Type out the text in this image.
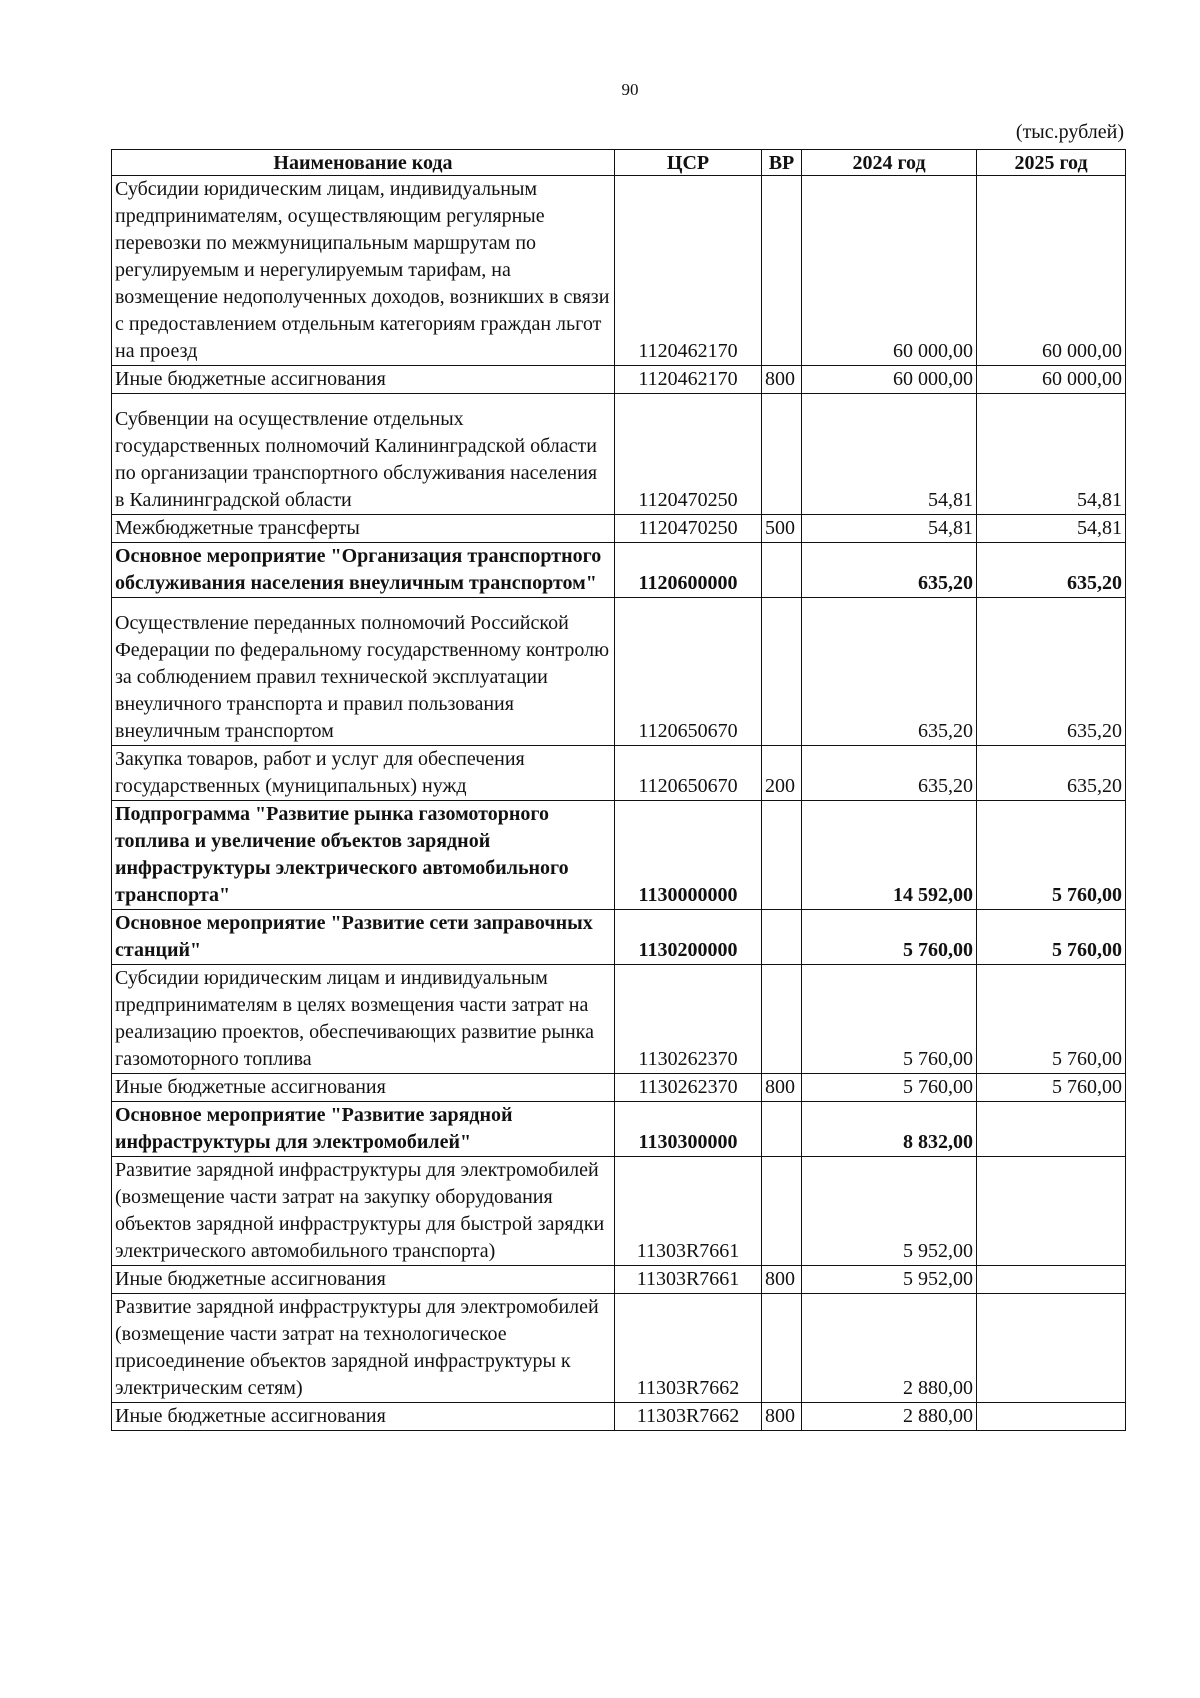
90
(тыс.рублей)
Наименование кода	ЦСР	ВР	2024 год	2025 год
Субсидии юридическим лицам, индивидуальным предпринимателям, осуществляющим регулярные перевозки по межмуниципальным маршрутам по регулируемым и нерегулируемым тарифам, на возмещение недополученных доходов, возникших в связи с предоставлением отдельным категориям граждан льгот на проезд	1120462170		60 000,00	60 000,00
Иные бюджетные ассигнования	1120462170	800	60 000,00	60 000,00
Субвенции на осуществление отдельных государственных полномочий Калининградской области по организации транспортного обслуживания населения в Калининградской области	1120470250		54,81	54,81
Межбюджетные трансферты	1120470250	500	54,81	54,81
Основное мероприятие "Организация транспортного обслуживания населения внеуличным транспортом"	1120600000		635,20	635,20
Осуществление переданных полномочий Российской Федерации по федеральному государственному контролю за соблюдением правил технической эксплуатации внеуличного транспорта и правил пользования внеуличным транспортом	1120650670		635,20	635,20
Закупка товаров, работ и услуг для обеспечения государственных (муниципальных) нужд	1120650670	200	635,20	635,20
Подпрограмма "Развитие рынка газомоторного топлива и увеличение объектов зарядной инфраструктуры электрического автомобильного транспорта"	1130000000		14 592,00	5 760,00
Основное мероприятие "Развитие сети заправочных станций"	1130200000		5 760,00	5 760,00
Субсидии юридическим лицам и индивидуальным предпринимателям в целях возмещения части затрат на реализацию проектов, обеспечивающих развитие рынка газомоторного топлива	1130262370		5 760,00	5 760,00
Иные бюджетные ассигнования	1130262370	800	5 760,00	5 760,00
Основное мероприятие "Развитие зарядной инфраструктуры для электромобилей"	1130300000		8 832,00	
Развитие зарядной инфраструктуры для электромобилей (возмещение части затрат на закупку оборудования объектов зарядной инфраструктуры для быстрой зарядки электрического автомобильного транспорта)	11303R7661		5 952,00	
Иные бюджетные ассигнования	11303R7661	800	5 952,00	
Развитие зарядной инфраструктуры для электромобилей (возмещение части затрат на технологическое присоединение объектов зарядной инфраструктуры к электрическим сетям)	11303R7662		2 880,00	
Иные бюджетные ассигнования	11303R7662	800	2 880,00	
